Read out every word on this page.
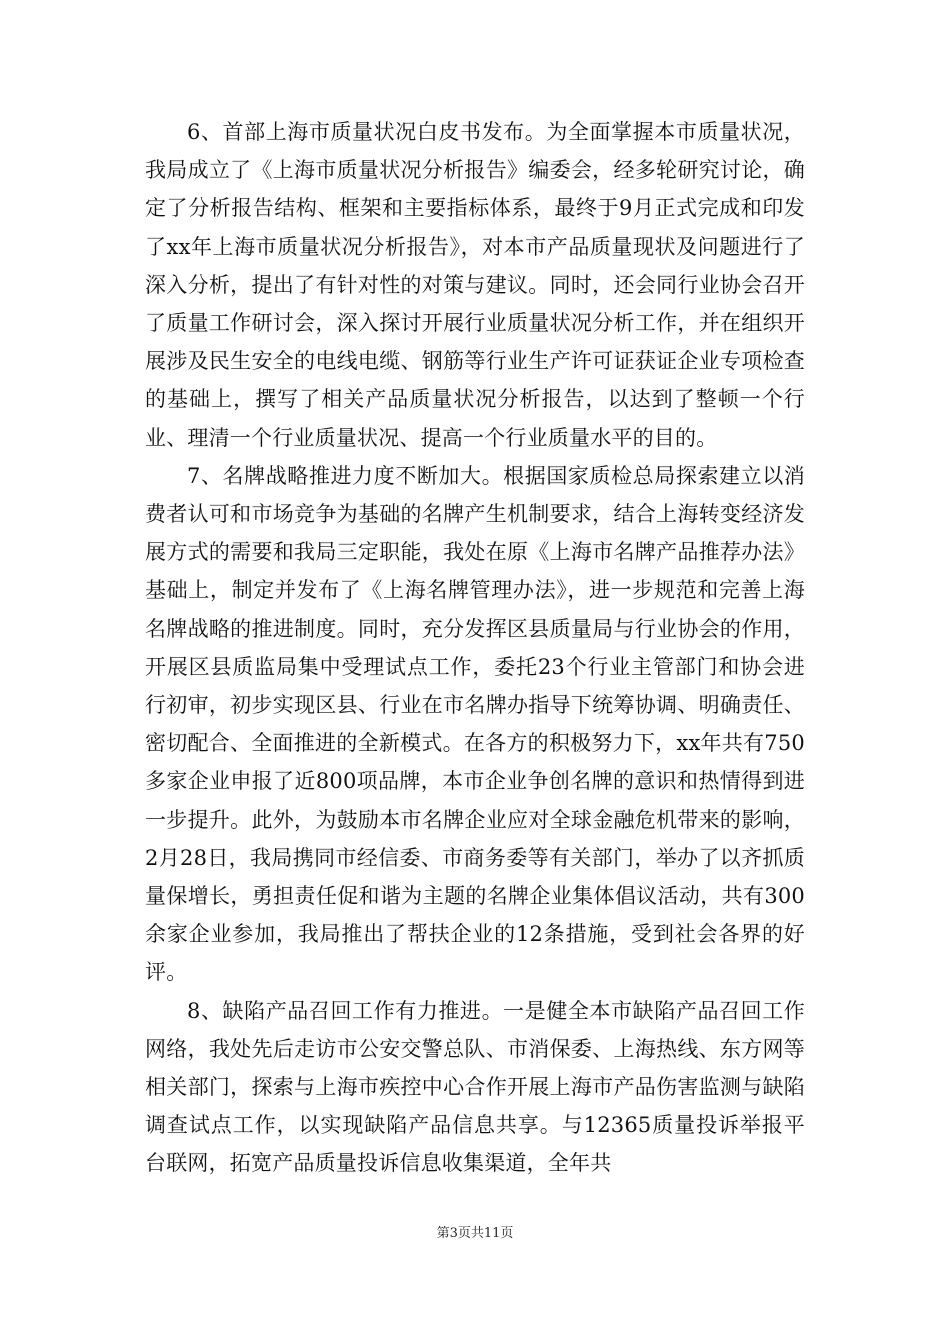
6、首部上海市质量状况白皮书发布。为全面掌握本市质量状况，我局成立了《上海市质量状况分析报告》编委会，经多轮研究讨论，确定了分析报告结构、框架和主要指标体系，最终于9月正式完成和印发了xx年上海市质量状况分析报告》，对本市产品质量现状及问题进行了深入分析，提出了有针对性的对策与建议。同时，还会同行业协会召开了质量工作研讨会，深入探讨开展行业质量状况分析工作，并在组织开展涉及民生安全的电线电缆、钢筋等行业生产许可证获证企业专项检查的基础上，撰写了相关产品质量状况分析报告，以达到了整顿一个行业、理清一个行业质量状况、提高一个行业质量水平的目的。

7、名牌战略推进力度不断加大。根据国家质检总局探索建立以消费者认可和市场竞争为基础的名牌产生机制要求，结合上海转变经济发展方式的需要和我局三定职能，我处在原《上海市名牌产品推荐办法》基础上，制定并发布了《上海名牌管理办法》，进一步规范和完善上海名牌战略的推进制度。同时，充分发挥区县质量局与行业协会的作用，开展区县质监局集中受理试点工作，委托23个行业主管部门和协会进行初审，初步实现区县、行业在市名牌办指导下统筹协调、明确责任、密切配合、全面推进的全新模式。在各方的积极努力下，xx年共有750多家企业申报了近800项品牌，本市企业争创名牌的意识和热情得到进一步提升。此外，为鼓励本市名牌企业应对全球金融危机带来的影响，2月28日，我局携同市经信委、市商务委等有关部门，举办了以齐抓质量保增长，勇担责任促和谐为主题的名牌企业集体倡议活动，共有300余家企业参加，我局推出了帮扶企业的12条措施，受到社会各界的好评。

8、缺陷产品召回工作有力推进。一是健全本市缺陷产品召回工作网络，我处先后走访市公安交警总队、市消保委、上海热线、东方网等相关部门，探索与上海市疾控中心合作开展上海市产品伤害监测与缺陷调查试点工作，以实现缺陷产品信息共享。与12365质量投诉举报平台联网，拓宽产品质量投诉信息收集渠道，全年共

第3页共11页
